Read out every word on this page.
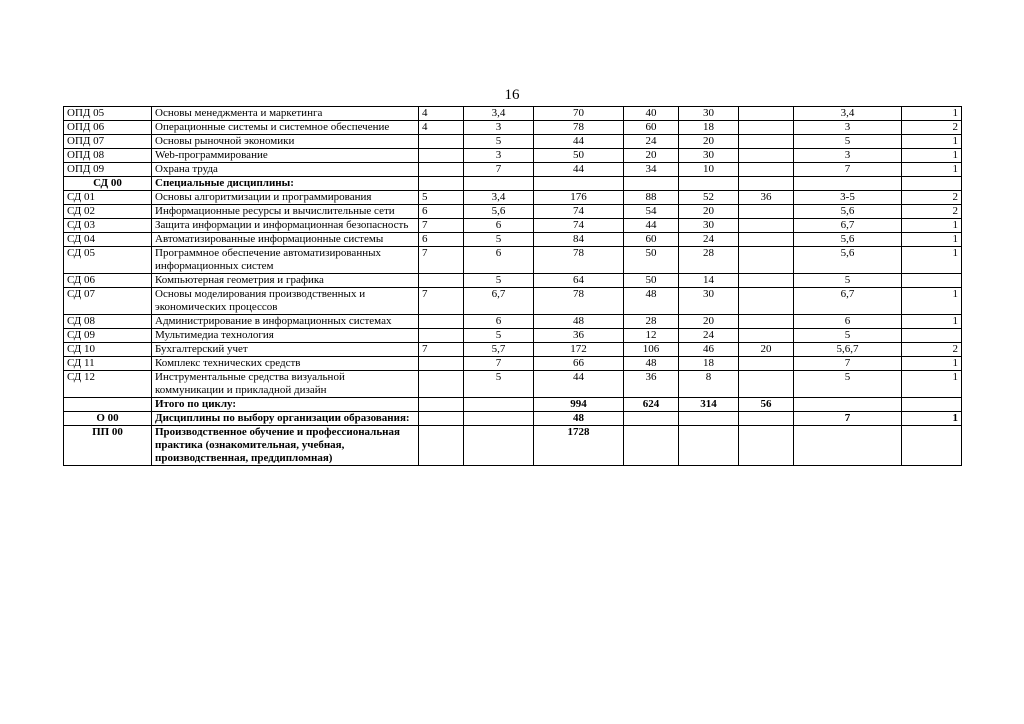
16
ОПД 05	Основы менеджмента и маркетинга	4	3,4	70	40	30		3,4	1
ОПД 06	Операционные системы и системное обеспечение	4	3	78	60	18		3	2
ОПД 07	Основы рыночной экономики		5	44	24	20		5	1
ОПД 08	Web-программирование		3	50	20	30		3	1
ОПД 09	Охрана труда		7	44	34	10		7	1
СД 00	Специальные дисциплины:								
СД 01	Основы алгоритмизации и программирования	5	3,4	176	88	52	36	3-5	2
СД 02	Информационные ресурсы и вычислительные сети	6	5,6	74	54	20		5,6	2
СД 03	Защита информации и информационная безопасность	7	6	74	44	30		6,7	1
СД 04	Автоматизированные информационные системы	6	5	84	60	24		5,6	1
СД 05	Программное обеспечение автоматизированных информационных систем	7	6	78	50	28		5,6	1
СД 06	Компьютерная геометрия и графика		5	64	50	14		5	
СД 07	Основы моделирования производственных и экономических процессов	7	6,7	78	48	30		6,7	1
СД 08	Администрирование в информационных системах		6	48	28	20		6	1
СД 09	Мультимедиа технология		5	36	12	24		5	
СД 10	Бухгалтерский учет	7	5,7	172	106	46	20	5,6,7	2
СД 11	Комплекс технических средств		7	66	48	18		7	1
СД 12	Инструментальные средства визуальной коммуникации и прикладной дизайн		5	44	36	8		5	1
	Итого по циклу:			994	624	314	56		
О 00	Дисциплины по выбору организации образования:			48				7	1
ПП 00	Производственное обучение и профессиональная практика (ознакомительная, учебная, производственная, преддипломная)			1728					
